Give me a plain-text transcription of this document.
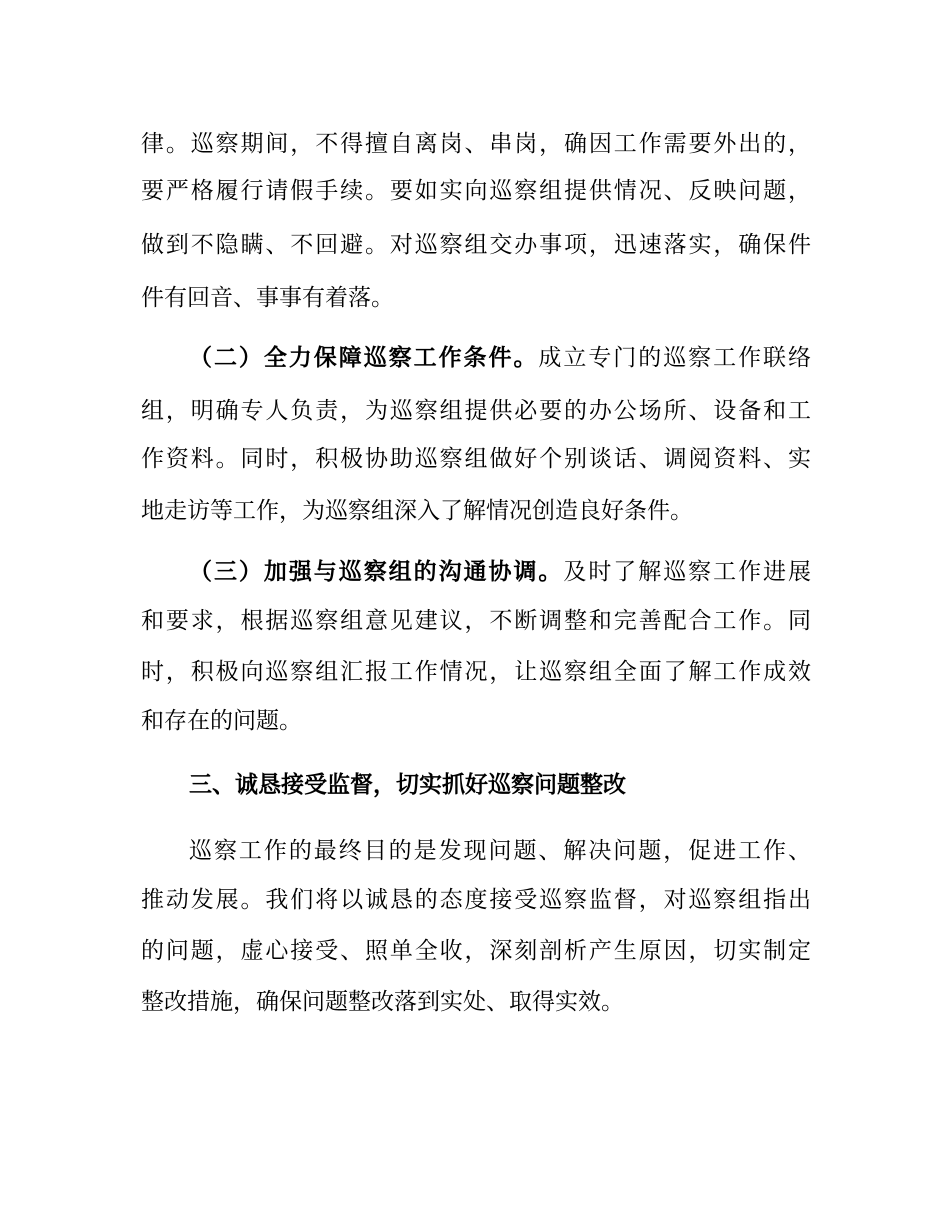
律。巡察期间，不得擅自离岗、串岗，确因工作需要外出的，
要严格履行请假手续。要如实向巡察组提供情况、反映问题，
做到不隐瞒、不回避。对巡察组交办事项，迅速落实，确保件
件有回音、事事有着落。
（二）全力保障巡察工作条件。成立专门的巡察工作联络
组，明确专人负责，为巡察组提供必要的办公场所、设备和工
作资料。同时，积极协助巡察组做好个别谈话、调阅资料、实
地走访等工作，为巡察组深入了解情况创造良好条件。
（三）加强与巡察组的沟通协调。及时了解巡察工作进展
和要求，根据巡察组意见建议，不断调整和完善配合工作。同
时，积极向巡察组汇报工作情况，让巡察组全面了解工作成效
和存在的问题。
三、诚恳接受监督，切实抓好巡察问题整改
巡察工作的最终目的是发现问题、解决问题，促进工作、
推动发展。我们将以诚恳的态度接受巡察监督，对巡察组指出
的问题，虚心接受、照单全收，深刻剖析产生原因，切实制定
整改措施，确保问题整改落到实处、取得实效。
